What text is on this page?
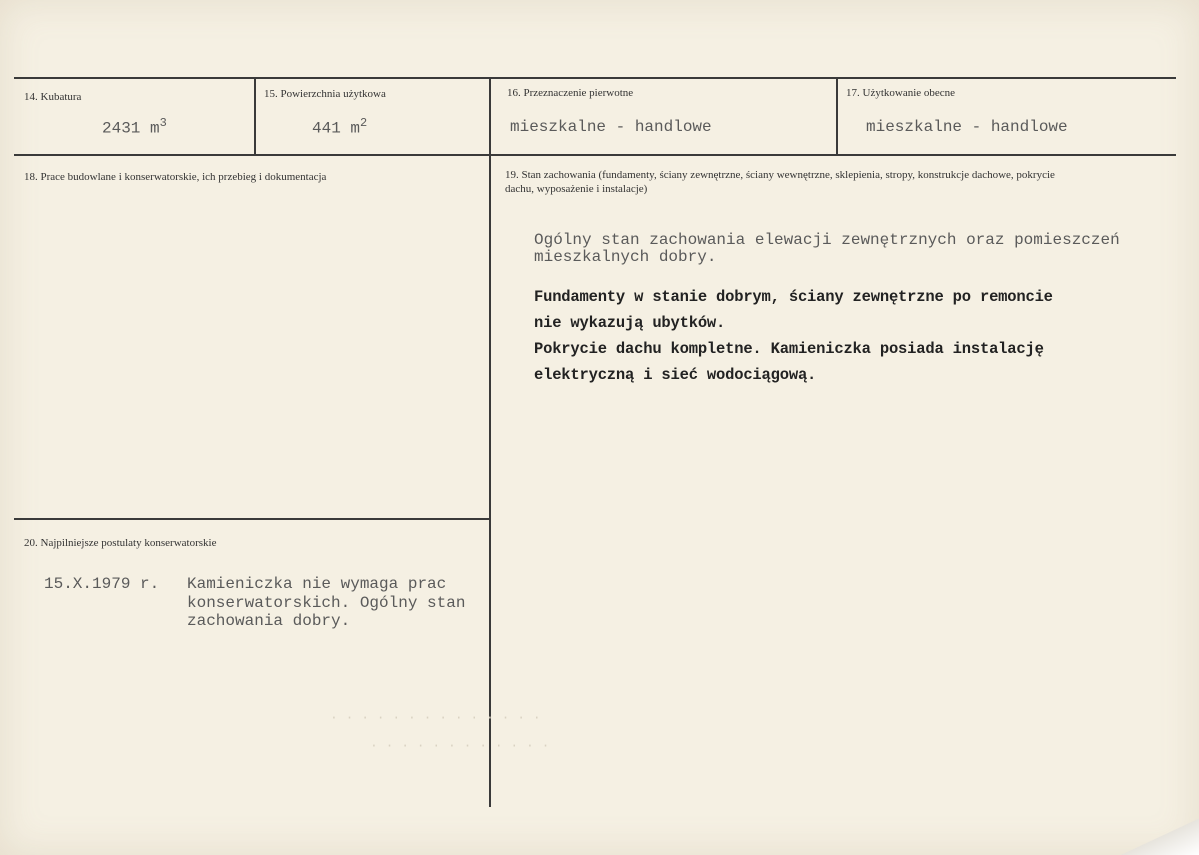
14. Kubatura
2431 $m^3$
15. Powierzchnia użytkowa
441 $m^2$
16. Przeznaczenie pierwotne
mieszkalne - handlowe
17. Użytkowanie obecne
mieszkalne - handlowe
18. Prace budowlane i konserwatorskie, ich przebieg i dokumentacja	19. Stan zachowania (fundamenty, ściany zewnętrzne, ściany wewnętrzne, sklepienia, stropy, konstrukcje dachowe, pokrycie dachu, wyposażenie i instalacje)
Ogólny stan zachowania elewacji zewnętrznych oraz pomieszczeń
mieszkalnych dobry.
Fundamenty w stanie dobrym, ściany zewnętrzne po remoncie
nie wykazują ubytków.
Pokrycie dachu kompletne. Kamieniczka posiada instalację
elektryczną i sieć wodociągową.
20. Najpilniejsze postulaty konserwatorskie
15.X.1979 r. Kamieniczka nie wymaga prac
konserwatorskich. Ogólny stan
zachowania dobry.
· · · · · · · · · · · · · ·
· · · · · · · · · · · ·
